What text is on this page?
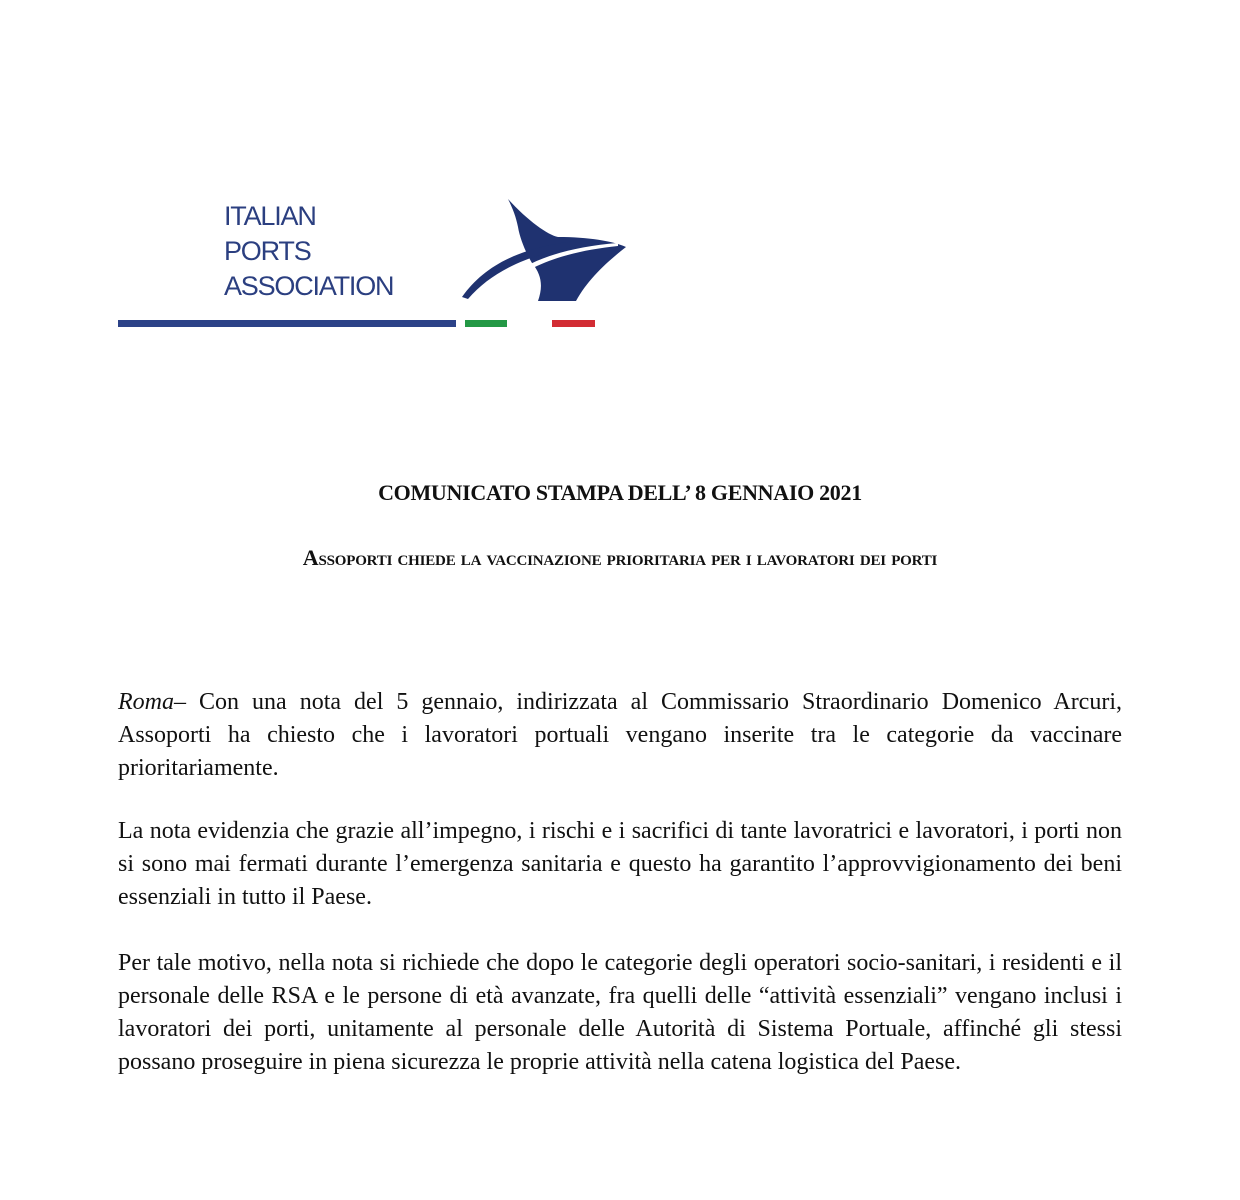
ITALIAN
PORTS
ASSOCIATION

COMUNICATO STAMPA DELL’ 8 GENNAIO 2021
Assoporti chiede la vaccinazione prioritaria per i lavoratori dei porti

Roma– Con una nota del 5 gennaio, indirizzata al Commissario Straordinario Domenico Arcuri, Assoporti ha chiesto che i lavoratori portuali vengano inserite tra le categorie da vaccinare prioritariamente.

La nota evidenzia che grazie all’impegno, i rischi e i sacrifici di tante lavoratrici e lavoratori, i porti non si sono mai fermati durante l’emergenza sanitaria e questo ha garantito l’approvvigionamento dei beni essenziali in tutto il Paese.

Per tale motivo, nella nota si richiede che dopo le categorie degli operatori socio-sanitari, i residenti e il personale delle RSA e le persone di età avanzate, fra quelli delle “attività essenziali” vengano inclusi i lavoratori dei porti, unitamente al personale delle Autorità di Sistema Portuale, affinché gli stessi possano proseguire in piena sicurezza le proprie attività nella catena logistica del Paese.
